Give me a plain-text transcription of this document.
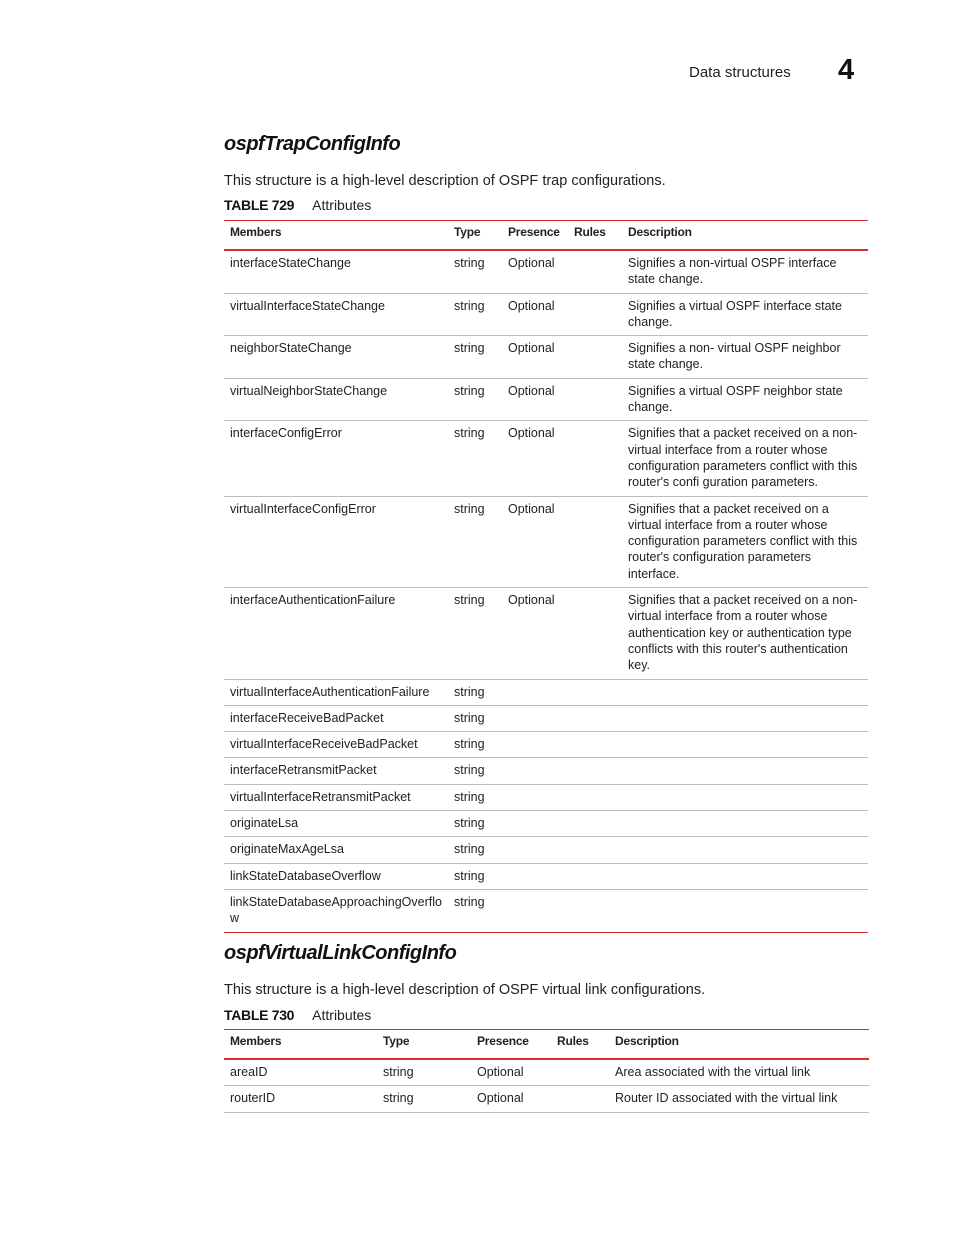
Data structures 4
ospfTrapConfigInfo
This structure is a high-level description of OSPF trap configurations.
TABLE 729 Attributes
Members	Type	Presence	Rules	Description
interfaceStateChange	string	Optional		Signifies a non-virtual OSPF interface state change.
virtualInterfaceStateChange	string	Optional		Signifies a virtual OSPF interface state change.
neighborStateChange	string	Optional		Signifies a non- virtual OSPF neighbor state change.
virtualNeighborStateChange	string	Optional		Signifies a virtual OSPF neighbor state change.
interfaceConfigError	string	Optional		Signifies that a packet received on a non-virtual interface from a router whose configuration parameters conflict with this router's confi guration parameters.
virtualInterfaceConfigError	string	Optional		Signifies that a packet received on a virtual interface from a router whose configuration parameters conflict with this router's configuration parameters interface.
interfaceAuthenticationFailure	string	Optional		Signifies that a packet received on a non-virtual interface from a router whose authentication key or authentication type conflicts with this router's authentication key.
virtualInterfaceAuthenticationFailure	string			
interfaceReceiveBadPacket	string			
virtualInterfaceReceiveBadPacket	string			
interfaceRetransmitPacket	string			
virtualInterfaceRetransmitPacket	string			
originateLsa	string			
originateMaxAgeLsa	string			
linkStateDatabaseOverflow	string			
linkStateDatabaseApproachingOverflo w	string			
ospfVirtualLinkConfigInfo
This structure is a high-level description of OSPF virtual link configurations.
TABLE 730 Attributes
Members	Type	Presence	Rules	Description
areaID	string	Optional		Area associated with the virtual link
routerID	string	Optional		Router ID associated with the virtual link
